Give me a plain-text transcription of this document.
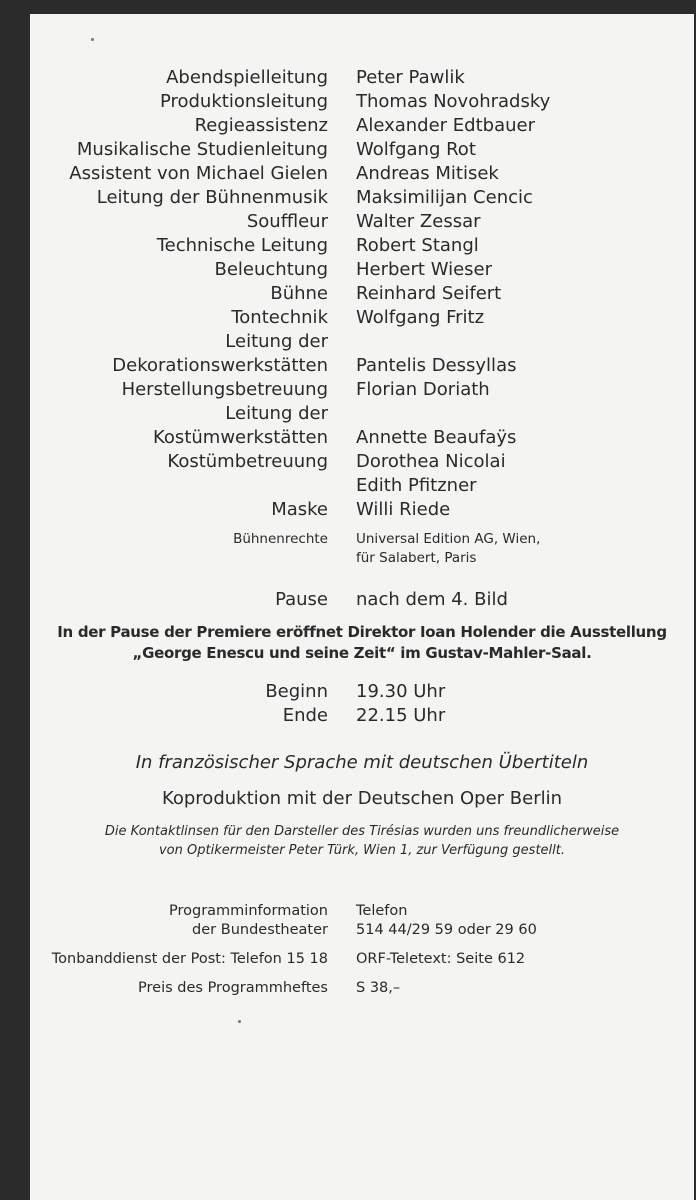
Abendspielleitung Peter Pawlik
Produktionsleitung Thomas Novohradsky
Regieassistenz Alexander Edtbauer
Musikalische Studienleitung Wolfgang Rot
Assistent von Michael Gielen Andreas Mitisek
Leitung der Bühnenmusik Maksimilijan Cencic
Souffleur Walter Zessar
Technische Leitung Robert Stangl
Beleuchtung Herbert Wieser
Bühne Reinhard Seifert
Tontechnik Wolfgang Fritz
Leitung der
Dekorationswerkstätten Pantelis Dessyllas
Herstellungsbetreuung Florian Doriath
Leitung der
Kostümwerkstätten Annette Beaufaÿs
Kostümbetreuung Dorothea Nicolai
Edith Pfitzner
Maske Willi Riede
Bühnenrechte Universal Edition AG, Wien,
für Salabert, Paris
Pause nach dem 4. Bild
In der Pause der Premiere eröffnet Direktor Ioan Holender die Ausstellung
„George Enescu und seine Zeit“ im Gustav-Mahler-Saal.
Beginn 19.30 Uhr
Ende 22.15 Uhr
In französischer Sprache mit deutschen Übertiteln
Koproduktion mit der Deutschen Oper Berlin
Die Kontaktlinsen für den Darsteller des Tirésias wurden uns freundlicherweise
von Optikermeister Peter Türk, Wien 1, zur Verfügung gestellt.
Programminformation
der Bundestheater
Telefon
514 44/29 59 oder 29 60
Tonbanddienst der Post: Telefon 15 18 ORF-Teletext: Seite 612
Preis des Programmheftes S 38,–
